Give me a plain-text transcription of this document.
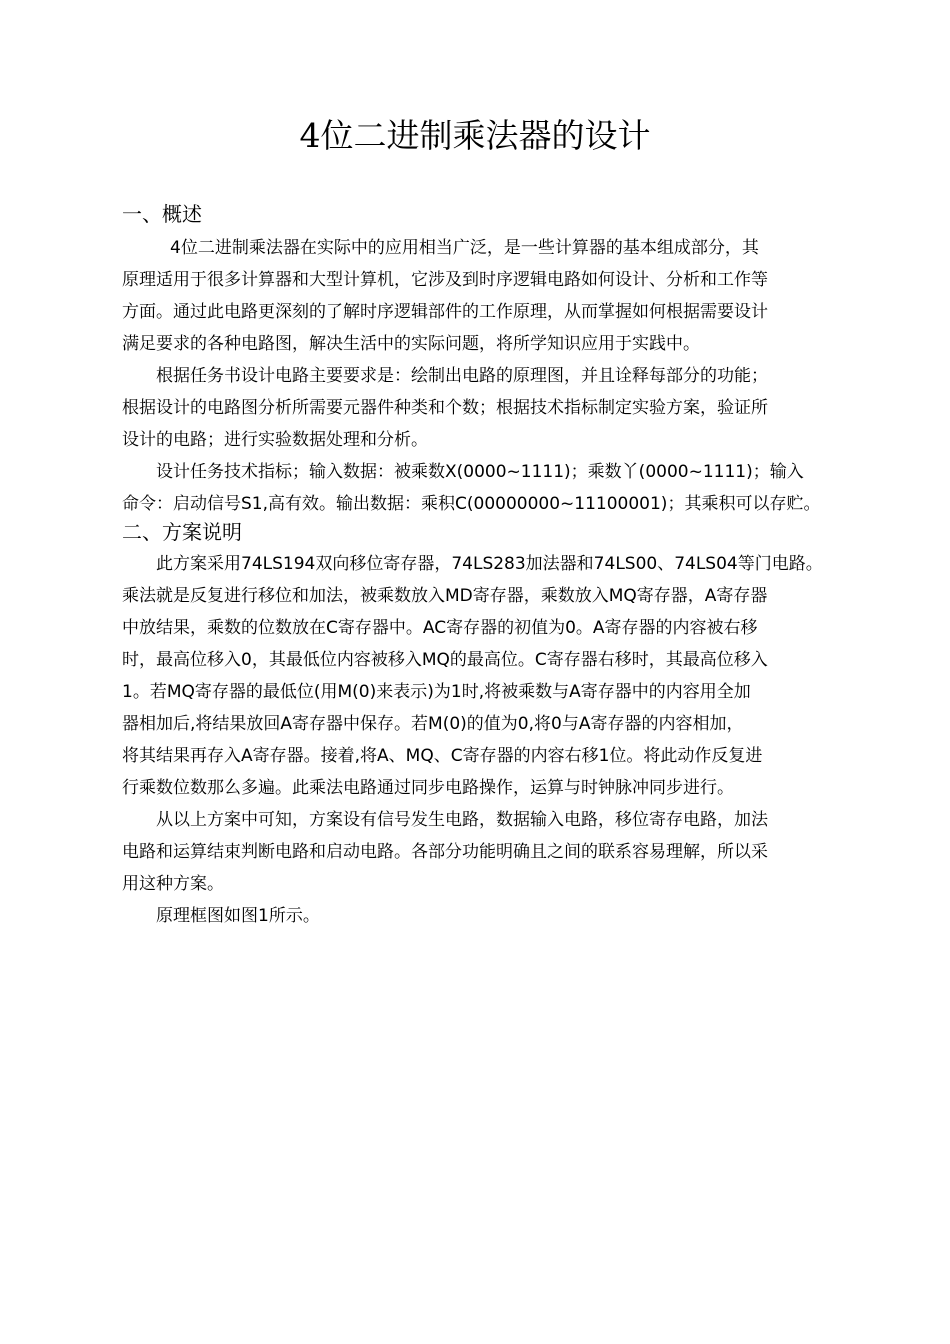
4位二进制乘法器的设计
一、概述

4位二进制乘法器在实际中的应用相当广泛，是一些计算器的基本组成部分，其

原理适用于很多计算器和大型计算机，它涉及到时序逻辑电路如何设计、分析和工作等

方面。通过此电路更深刻的了解时序逻辑部件的工作原理，从而掌握如何根据需要设计

满足要求的各种电路图，解决生活中的实际问题，将所学知识应用于实践中。

根据任务书设计电路主要要求是：绘制出电路的原理图，并且诠释每部分的功能；

根据设计的电路图分析所需要元器件种类和个数；根据技术指标制定实验方案，验证所

设计的电路；进行实验数据处理和分析。

设计任务技术指标；输入数据：被乘数X(0000~1111)；乘数丫(0000~1111)；输入

命令：启动信号S1,高有效。输出数据：乘积C(00000000~11100001)；其乘积可以存贮。

二、方案说明

此方案采用74LS194双向移位寄存器，74LS283加法器和74LS00、74LS04等门电路。

乘法就是反复进行移位和加法，被乘数放入MD寄存器，乘数放入MQ寄存器，A寄存器

中放结果，乘数的位数放在C寄存器中。AC寄存器的初值为0。A寄存器的内容被右移

时，最高位移入0，其最低位内容被移入MQ的最高位。C寄存器右移时，其最高位移入

1。若MQ寄存器的最低位(用M(0)来表示)为1时,将被乘数与A寄存器中的内容用全加

器相加后,将结果放回A寄存器中保存。若M(0)的值为0,将0与A寄存器的内容相加，

将其结果再存入A寄存器。接着,将A、MQ、C寄存器的内容右移1位。将此动作反复进

行乘数位数那么多遍。此乘法电路通过同步电路操作，运算与时钟脉冲同步进行。

从以上方案中可知，方案设有信号发生电路，数据输入电路，移位寄存电路，加法

电路和运算结束判断电路和启动电路。各部分功能明确且之间的联系容易理解，所以采

用这种方案。

原理框图如图1所示。
